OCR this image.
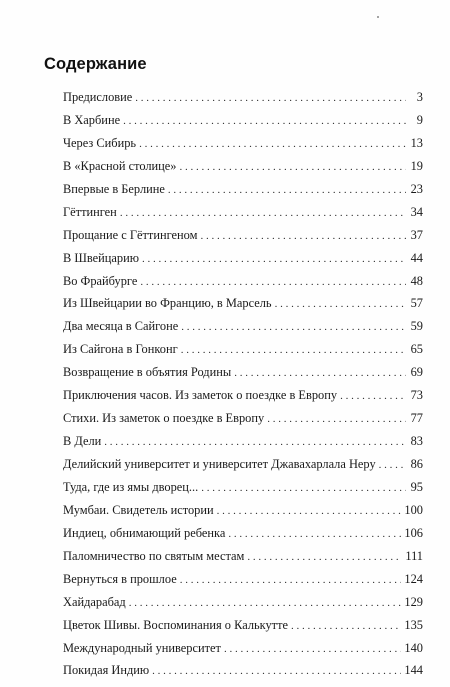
Содержание
Предисловие . . .	3
В Харбине . . .	9
Через Сибирь . . .	13
В «Красной столице» . . .	19
Впервые в Берлине . . .	23
Гёттинген . . .	34
Прощание с Гёттингеном . . .	37
В Швейцарию . . .	44
Во Фрайбурге . . .	48
Из Швейцарии во Францию, в Марсель . . .	57
Два месяца в Сайгоне . . .	59
Из Сайгона в Гонконг . . .	65
Возвращение в объятия Родины . . .	69
Приключения часов. Из заметок о поездке в Европу . . .	73
Стихи. Из заметок о поездке в Европу . . .	77
В Дели . . .	83
Делийский университет и университет Джавахарлала Неру . . .	86
Туда, где из ямы дворец... . . .	95
Мумбаи. Свидетель истории . . .	100
Индиец, обнимающий ребенка . . .	106
Паломничество по святым местам . . .	111
Вернуться в прошлое . . .	124
Хайдарабад . . .	129
Цветок Шивы. Воспоминания о Калькутте . . .	135
Международный университет . . .	140
Покидая Индию . . .	144
